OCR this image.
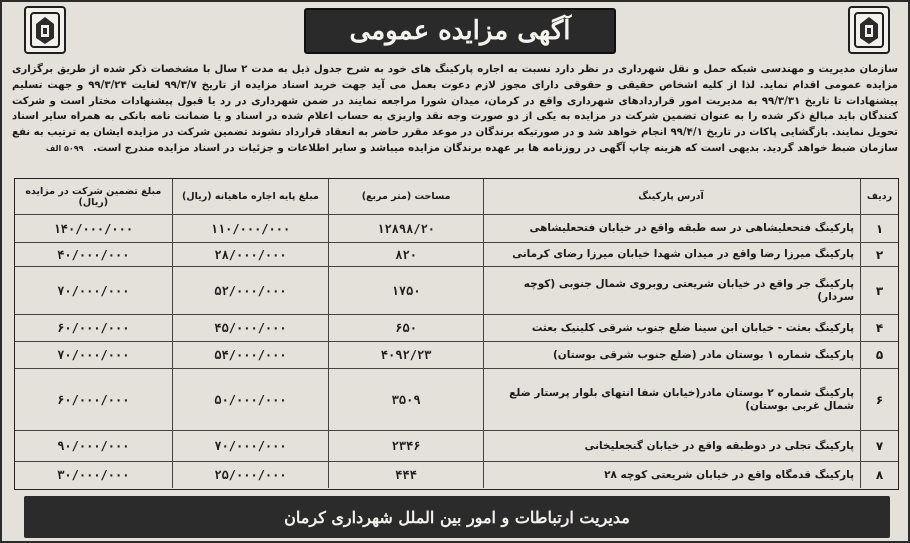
آگهی مزایده عمومی
سازمان مدیریت و مهندسی شبکه حمل و نقل شهرداری در نظر دارد نسبت به اجاره پارکینگ های خود به شرح جدول ذیل به مدت ۲ سال با مشخصات ذکر شده از طریق برگزاری مزایده عمومی اقدام نماید. لذا از کلیه اشخاص حقیقی و حقوقی دارای مجوز لازم دعوت بعمل می آید جهت خرید اسناد مزایده از تاریخ ۹۹/۳/۷ لغایت ۹۹/۳/۲۴ و جهت تسلیم پیشنهادات تا تاریخ ۹۹/۳/۳۱ به مدیریت امور قراردادهای شهرداری واقع در کرمان، میدان شورا مراجعه نمایند در ضمن شهرداری در رد یا قبول پیشنهادات مختار است و شرکت کنندگان باید مبالغ ذکر شده را به عنوان تضمین شرکت در مزایده به یکی از دو صورت وجه نقد واریزی به حساب اعلام شده در اسناد و یا ضمانت نامه بانکی به همراه سایر اسناد تحویل نمایند. بازگشایی پاکات در تاریخ ۹۹/۴/۱ انجام خواهد شد و در صورتیکه برندگان در موعد مقرر حاضر به انعقاد قرارداد نشوند تضمین شرکت در مزایده ایشان به ترتیب به نفع سازمان ضبط خواهد گردید. بدیهی است که هزینه چاپ آگهی در روزنامه ها بر عهده برندگان مزایده میباشد و سایر اطلاعات و جزئیات در اسناد مزایده مندرج است. ۵۰۹۹ الف
ردیف
آدرس پارکینگ
مساحت (متر مربع)
مبلغ پایه اجاره ماهیانه (ریال)
مبلغ تضمین شرکت در مزایده (ریال)
۱
پارکینگ فتحعلیشاهی در سه طبقه واقع در خیابان فتحعلیشاهی
۱۲۸۹۸/۲۰
۱۱۰/۰۰۰/۰۰۰
۱۴۰/۰۰۰/۰۰۰
۲
پارکینگ میرزا رضا واقع در میدان شهدا خیابان میرزا رضای کرمانی
۸۲۰
۲۸/۰۰۰/۰۰۰
۴۰/۰۰۰/۰۰۰
۳
پارکینگ جر واقع در خیابان شریعتی روبروی شمال جنوبی (کوچه سردار)
۱۷۵۰
۵۲/۰۰۰/۰۰۰
۷۰/۰۰۰/۰۰۰
۴
پارکینگ بعثت - خیابان ابن سینا ضلع جنوب شرقی کلینیک بعثت
۶۵۰
۴۵/۰۰۰/۰۰۰
۶۰/۰۰۰/۰۰۰
۵
پارکینگ شماره ۱ بوستان مادر (ضلع جنوب شرقی بوستان)
۴۰۹۲/۲۳
۵۴/۰۰۰/۰۰۰
۷۰/۰۰۰/۰۰۰
۶
پارکینگ شماره ۲ بوستان مادر(خیابان شفا انتهای بلوار پرستار ضلع شمال غربی بوستان)
۳۵۰۹
۵۰/۰۰۰/۰۰۰
۶۰/۰۰۰/۰۰۰
۷
پارکینگ تجلی در دوطبقه واقع در خیابان گنجعلیخانی
۲۳۴۶
۷۰/۰۰۰/۰۰۰
۹۰/۰۰۰/۰۰۰
۸
پارکینگ قدمگاه واقع در خیابان شریعتی کوچه ۲۸
۴۴۴
۲۵/۰۰۰/۰۰۰
۳۰/۰۰۰/۰۰۰
مدیریت ارتباطات و امور بین الملل شهرداری کرمان
